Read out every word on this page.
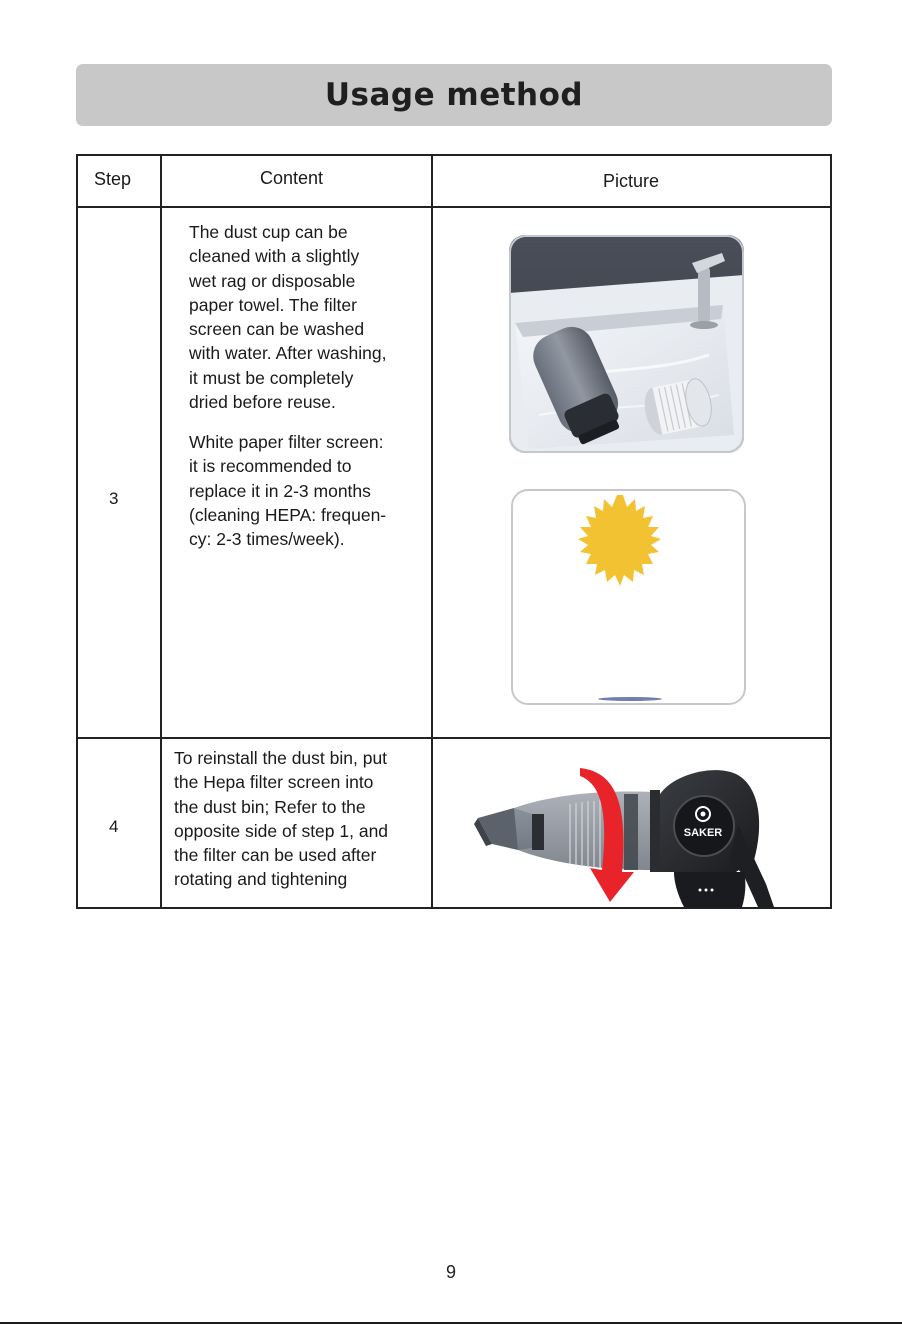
Usage method
Step	Content	Picture
3
The dust cup can be
cleaned with a slightly
wet rag or disposable
paper towel. The filter
screen can be washed
with water. After washing,
it must be completely
dried before reuse.
White paper filter screen:
it is recommended to
replace it in 2-3 months
(cleaning HEPA: frequen-
cy: 2-3 times/week).
4
To reinstall the dust bin, put
the Hepa filter screen into
the dust bin; Refer to the
opposite side of step 1, and
the filter can be used after
rotating and tightening
SAKER
9
